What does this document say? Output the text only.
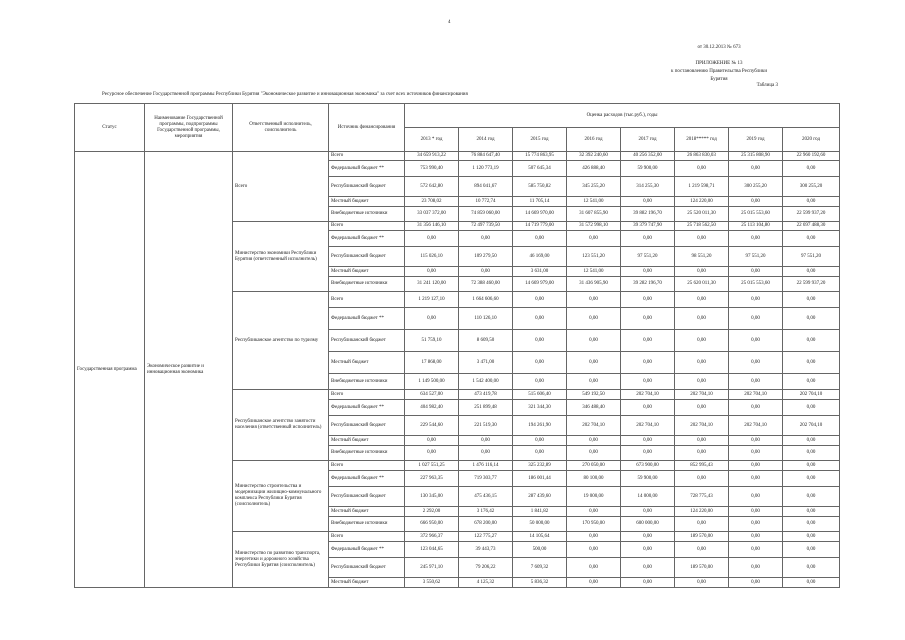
4
от 30.12.2013 № 673
ПРИЛОЖЕНИЕ № 13
к постановлению Правительства Республики
Бурятия
Таблица 3
Ресурсное обеспечение Государственной программы Республики Бурятия "Экономическое развитие и инновационная экономика" за счет всех источников финансирования
Статус	Наименование Государственной программы, подпрограммы Государственной программы, мероприятия	Ответственный исполнитель, соисполнитель	Источник финансирования	Оценка расходов (тыс.руб.), годы							
				2013 * год	2014 год	2015 год	2016 год	2017 год	2018***** год	2019 год	2020 год
Государственная программа	Экономическое развитие и инновационная экономика	Всего	Всего	34 659 913,22	76 884 647,40	15 774 863,95	32 392 240,60	40 256 352,00	26 863 830,03	25 315 808,90	22 960 192,60
			Федеральный бюджет **	753 990,40	1 120 773,19	507 645,34	426 888,40	59 900,00	0,00	0,00	0,00
			Республиканский бюджет	572 642,80	894 041,67	585 750,82	345 255,20	314 255,30	1 219 598,71	300 255,20	300 255,20
			Местный бюджет	23 708,02	10 772,74	11 705,14	12 541,00	0,00	124 220,00	0,00	0,00
			Внебюджетные источники	33 037 372,00	74 859 060,00	14 669 970,00	31 607 855,90	39 882 196,70	25 520 011,30	25 015 553,60	22 599 937,20
		Министерство экономики Республики Бурятия (ответственный исполнитель)	Всего	31 356 146,10	72 497 739,50	14 719 779,00	31 572 998,10	39 379 747,90	25 718 562,50	25 113 104,80	22 697 488,30
			Федеральный бюджет **	0,00	0,00	0,00	0,00	0,00	0,00	0,00	0,00
			Республиканский бюджет	115 026,10	109 279,50	46 169,00	123 551,20	97 551,20	98 551,20	97 551,20	97 551,20
			Местный бюджет	0,00	0,00	3 631,00	12 541,00	0,00	0,00	0,00	0,00
			Внебюджетные источники	31 241 120,00	72 388 460,00	14 669 979,00	31 436 905,90	39 282 196,70	25 620 011,30	25 015 553,60	22 599 937,20
		Республиканское агентство по туризму	Всего	1 219 127,10	1 664 606,60	0,00	0,00	0,00	0,00	0,00	0,00
			Федеральный бюджет **	0,00	110 126,10	0,00	0,00	0,00	0,00	0,00	0,00
			Республиканский бюджет	51 759,10	8 609,50	0,00	0,00	0,00	0,00	0,00	0,00
			Местный бюджет	17 868,00	3 471,00	0,00	0,00	0,00	0,00	0,00	0,00
			Внебюджетные источники	1 149 500,00	1 542 400,00	0,00	0,00	0,00	0,00	0,00	0,00
		Республиканское агентство занятости населения (ответственный исполнитель)	Всего	634 527,00	473 419,78	515 606,40	549 192,50	202 704,10	202 704,10	202 704,10	202 704,10
			Федеральный бюджет **	404 982,40	251 899,48	321 344,30	346 488,40	0,00	0,00	0,00	0,00
			Республиканский бюджет	229 544,60	221 519,30	194 261,90	202 704,10	202 704,10	202 704,10	202 704,10	202 704,10
			Местный бюджет	0,00	0,00	0,00	0,00	0,00	0,00	0,00	0,00
			Внебюджетные источники	0,00	0,00	0,00	0,00	0,00	0,00	0,00	0,00
		Министерство строительства и модернизации жилищно-коммунального комплекса Республики Бурятия (соисполнитель)	Всего	1 027 551,25	1 476 116,14	325 232,89	270 050,00	673 900,00	852 995,43	0,00	0,00
			Федеральный бюджет **	227 963,35	719 303,77	186 001,44	80 100,00	59 900,00	0,00	0,00	0,00
			Республиканский бюджет	130 345,00	475 436,15	287 439,60	19 000,00	14 000,00	728 775,43	0,00	0,00
			Местный бюджет	2 292,00	3 176,42	1 841,82	0,00	0,00	124 220,00	0,00	0,00
			Внебюджетные источники	666 950,00	678 200,00	50 000,00	170 950,00	600 000,00	0,00	0,00	0,00
		Министерство по развитию транспорта, энергетики и дорожного хозяйства Республики Бурятия (соисполнитель)	Всего	372 966,37	122 775,27	14 105,64	0,00	0,00	189 570,00	0,00	0,00
			Федеральный бюджет **	123 044,65	39 443,73	500,00	0,00	0,00	0,00	0,00	0,00
			Республиканский бюджет	245 971,10	79 206,22	7 609,32	0,00	0,00	189 570,00	0,00	0,00
			Местный бюджет	3 550,62	4 125,32	5 836,32	0,00	0,00	0,00	0,00	0,00
